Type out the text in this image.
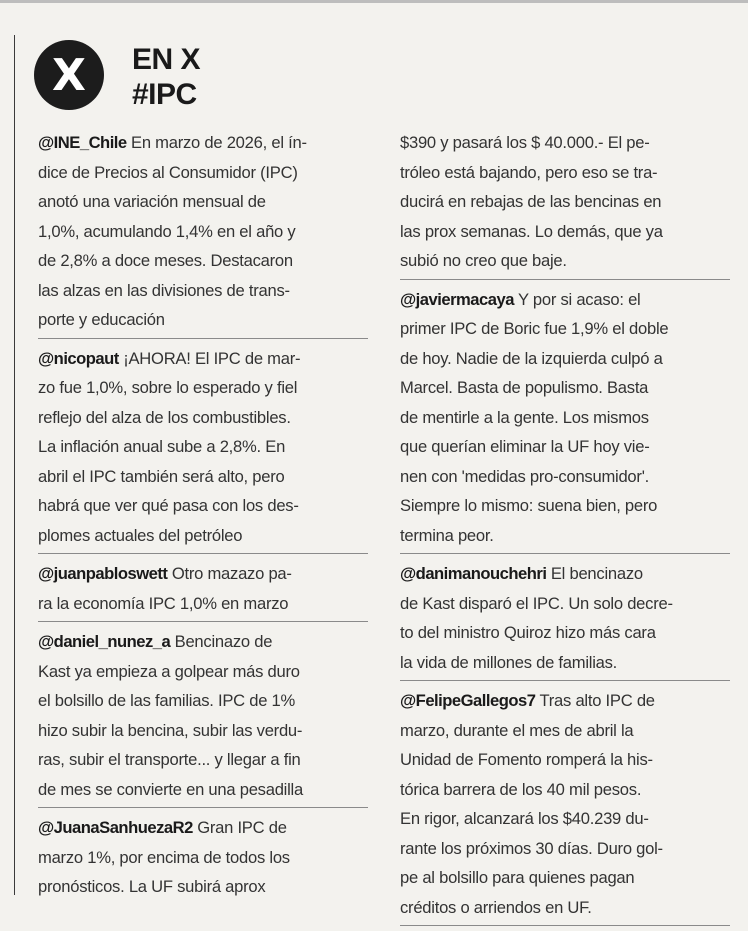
X	EN X
#IPC
@INE_Chile En marzo de 2026, el ín-
dice de Precios al Consumidor (IPC)
anotó una variación mensual de
1,0%, acumulando 1,4% en el año y
de 2,8% a doce meses. Destacaron
las alzas en las divisiones de trans-
porte y educación
@nicopaut ¡AHORA! El IPC de mar-
zo fue 1,0%, sobre lo esperado y fiel
reflejo del alza de los combustibles.
La inflación anual sube a 2,8%. En
abril el IPC también será alto, pero
habrá que ver qué pasa con los des-
plomes actuales del petróleo
@juanpabloswett Otro mazazo pa-
ra la economía IPC 1,0% en marzo
@daniel_nunez_a Bencinazo de
Kast ya empieza a golpear más duro
el bolsillo de las familias. IPC de 1%
hizo subir la bencina, subir las verdu-
ras, subir el transporte... y llegar a fin
de mes se convierte en una pesadilla
@JuanaSanhuezaR2 Gran IPC de
marzo 1%, por encima de todos los
pronósticos. La UF subirá aprox
$390 y pasará los $ 40.000.- El pe-
tróleo está bajando, pero eso se tra-
ducirá en rebajas de las bencinas en
las prox semanas. Lo demás, que ya
subió no creo que baje.
@javiermacaya Y por si acaso: el
primer IPC de Boric fue 1,9% el doble
de hoy. Nadie de la izquierda culpó a
Marcel. Basta de populismo. Basta
de mentirle a la gente. Los mismos
que querían eliminar la UF hoy vie-
nen con 'medidas pro-consumidor'.
Siempre lo mismo: suena bien, pero
termina peor.
@danimanouchehri El bencinazo
de Kast disparó el IPC. Un solo decre-
to del ministro Quiroz hizo más cara
la vida de millones de familias.
@FelipeGallegos7 Tras alto IPC de
marzo, durante el mes de abril la
Unidad de Fomento romperá la his-
tórica barrera de los 40 mil pesos.
En rigor, alcanzará los $40.239 du-
rante los próximos 30 días. Duro gol-
pe al bolsillo para quienes pagan
créditos o arriendos en UF.
